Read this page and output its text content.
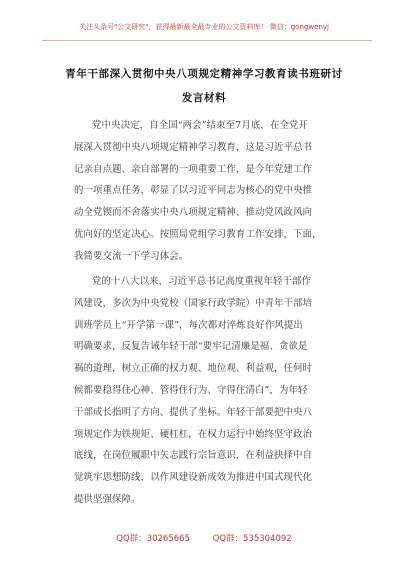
关注头条号"公文研究"，获得最新最全最专业的公文资料库！ 微信：gongwenyj
青年干部深入贯彻中央八项规定精神学习教育读书班研讨
发言材料
党中央决定，自全国“两会”结束至7月底，在全党开
展深入贯彻中央八项规定精神学习教育，这是习近平总书
记亲自点题、亲自部署的一项重要工作，是今年党建工作
的一项重点任务，彰显了以习近平同志为核心的党中央推
动全党锲而不舍落实中央八项规定精神、推动党风政风向
优向好的坚定决心。按照局党组学习教育工作安排，下面，
我简要交流一下学习体会。
党的十八大以来，习近平总书记高度重视年轻干部作
风建设，多次为中央党校（国家行政学院）中青年干部培
训班学员上“开学第一课”，每次都对淬炼良好作风提出
明确要求，反复告诫年轻干部“要牢记清廉是福、贪欲是
祸的道理，树立正确的权力观、地位观、利益观，任何时
候都要稳得住心神、管得住行为、守得住清白”，为年轻
干部成长指明了方向、提供了坐标。年轻干部要把中央八
项规定作为铁规矩、硬杠杠，在权力运行中始终坚守政治
底线，在岗位履职中矢志践行宗旨意识，在利益抉择中自
觉筑牢思想防线，以作风建设新成效为推进中国式现代化
提供坚强保障。
QQ群：30265665	QQ群：535304092
